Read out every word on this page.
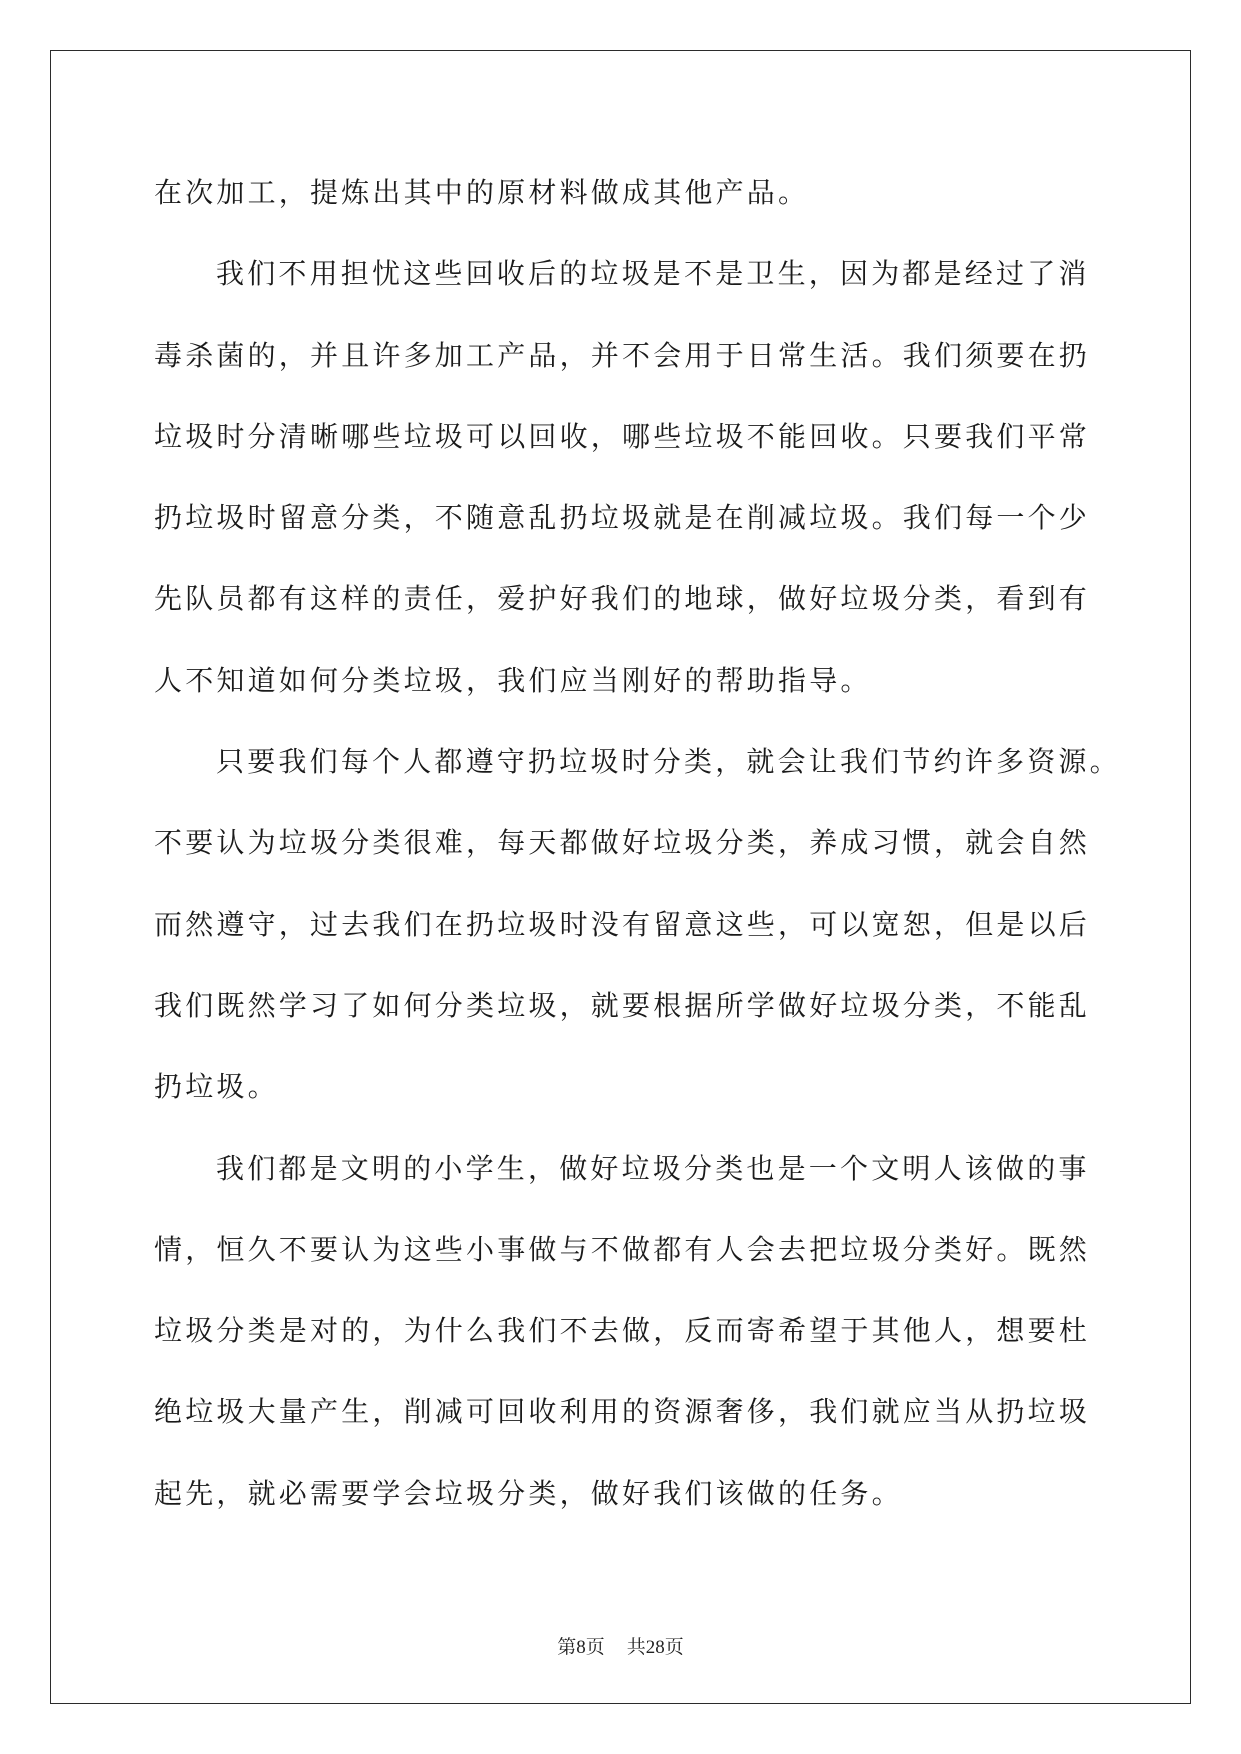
在次加工，提炼出其中的原材料做成其他产品。
我们不用担忧这些回收后的垃圾是不是卫生，因为都是经过了消
毒杀菌的，并且许多加工产品，并不会用于日常生活。我们须要在扔
垃圾时分清晰哪些垃圾可以回收，哪些垃圾不能回收。只要我们平常
扔垃圾时留意分类，不随意乱扔垃圾就是在削减垃圾。我们每一个少
先队员都有这样的责任，爱护好我们的地球，做好垃圾分类，看到有
人不知道如何分类垃圾，我们应当刚好的帮助指导。
只要我们每个人都遵守扔垃圾时分类，就会让我们节约许多资源。
不要认为垃圾分类很难，每天都做好垃圾分类，养成习惯，就会自然
而然遵守，过去我们在扔垃圾时没有留意这些，可以宽恕，但是以后
我们既然学习了如何分类垃圾，就要根据所学做好垃圾分类，不能乱
扔垃圾。
我们都是文明的小学生，做好垃圾分类也是一个文明人该做的事
情，恒久不要认为这些小事做与不做都有人会去把垃圾分类好。既然
垃圾分类是对的，为什么我们不去做，反而寄希望于其他人，想要杜
绝垃圾大量产生，削减可回收利用的资源奢侈，我们就应当从扔垃圾
起先，就必需要学会垃圾分类，做好我们该做的任务。
第8页 共28页
